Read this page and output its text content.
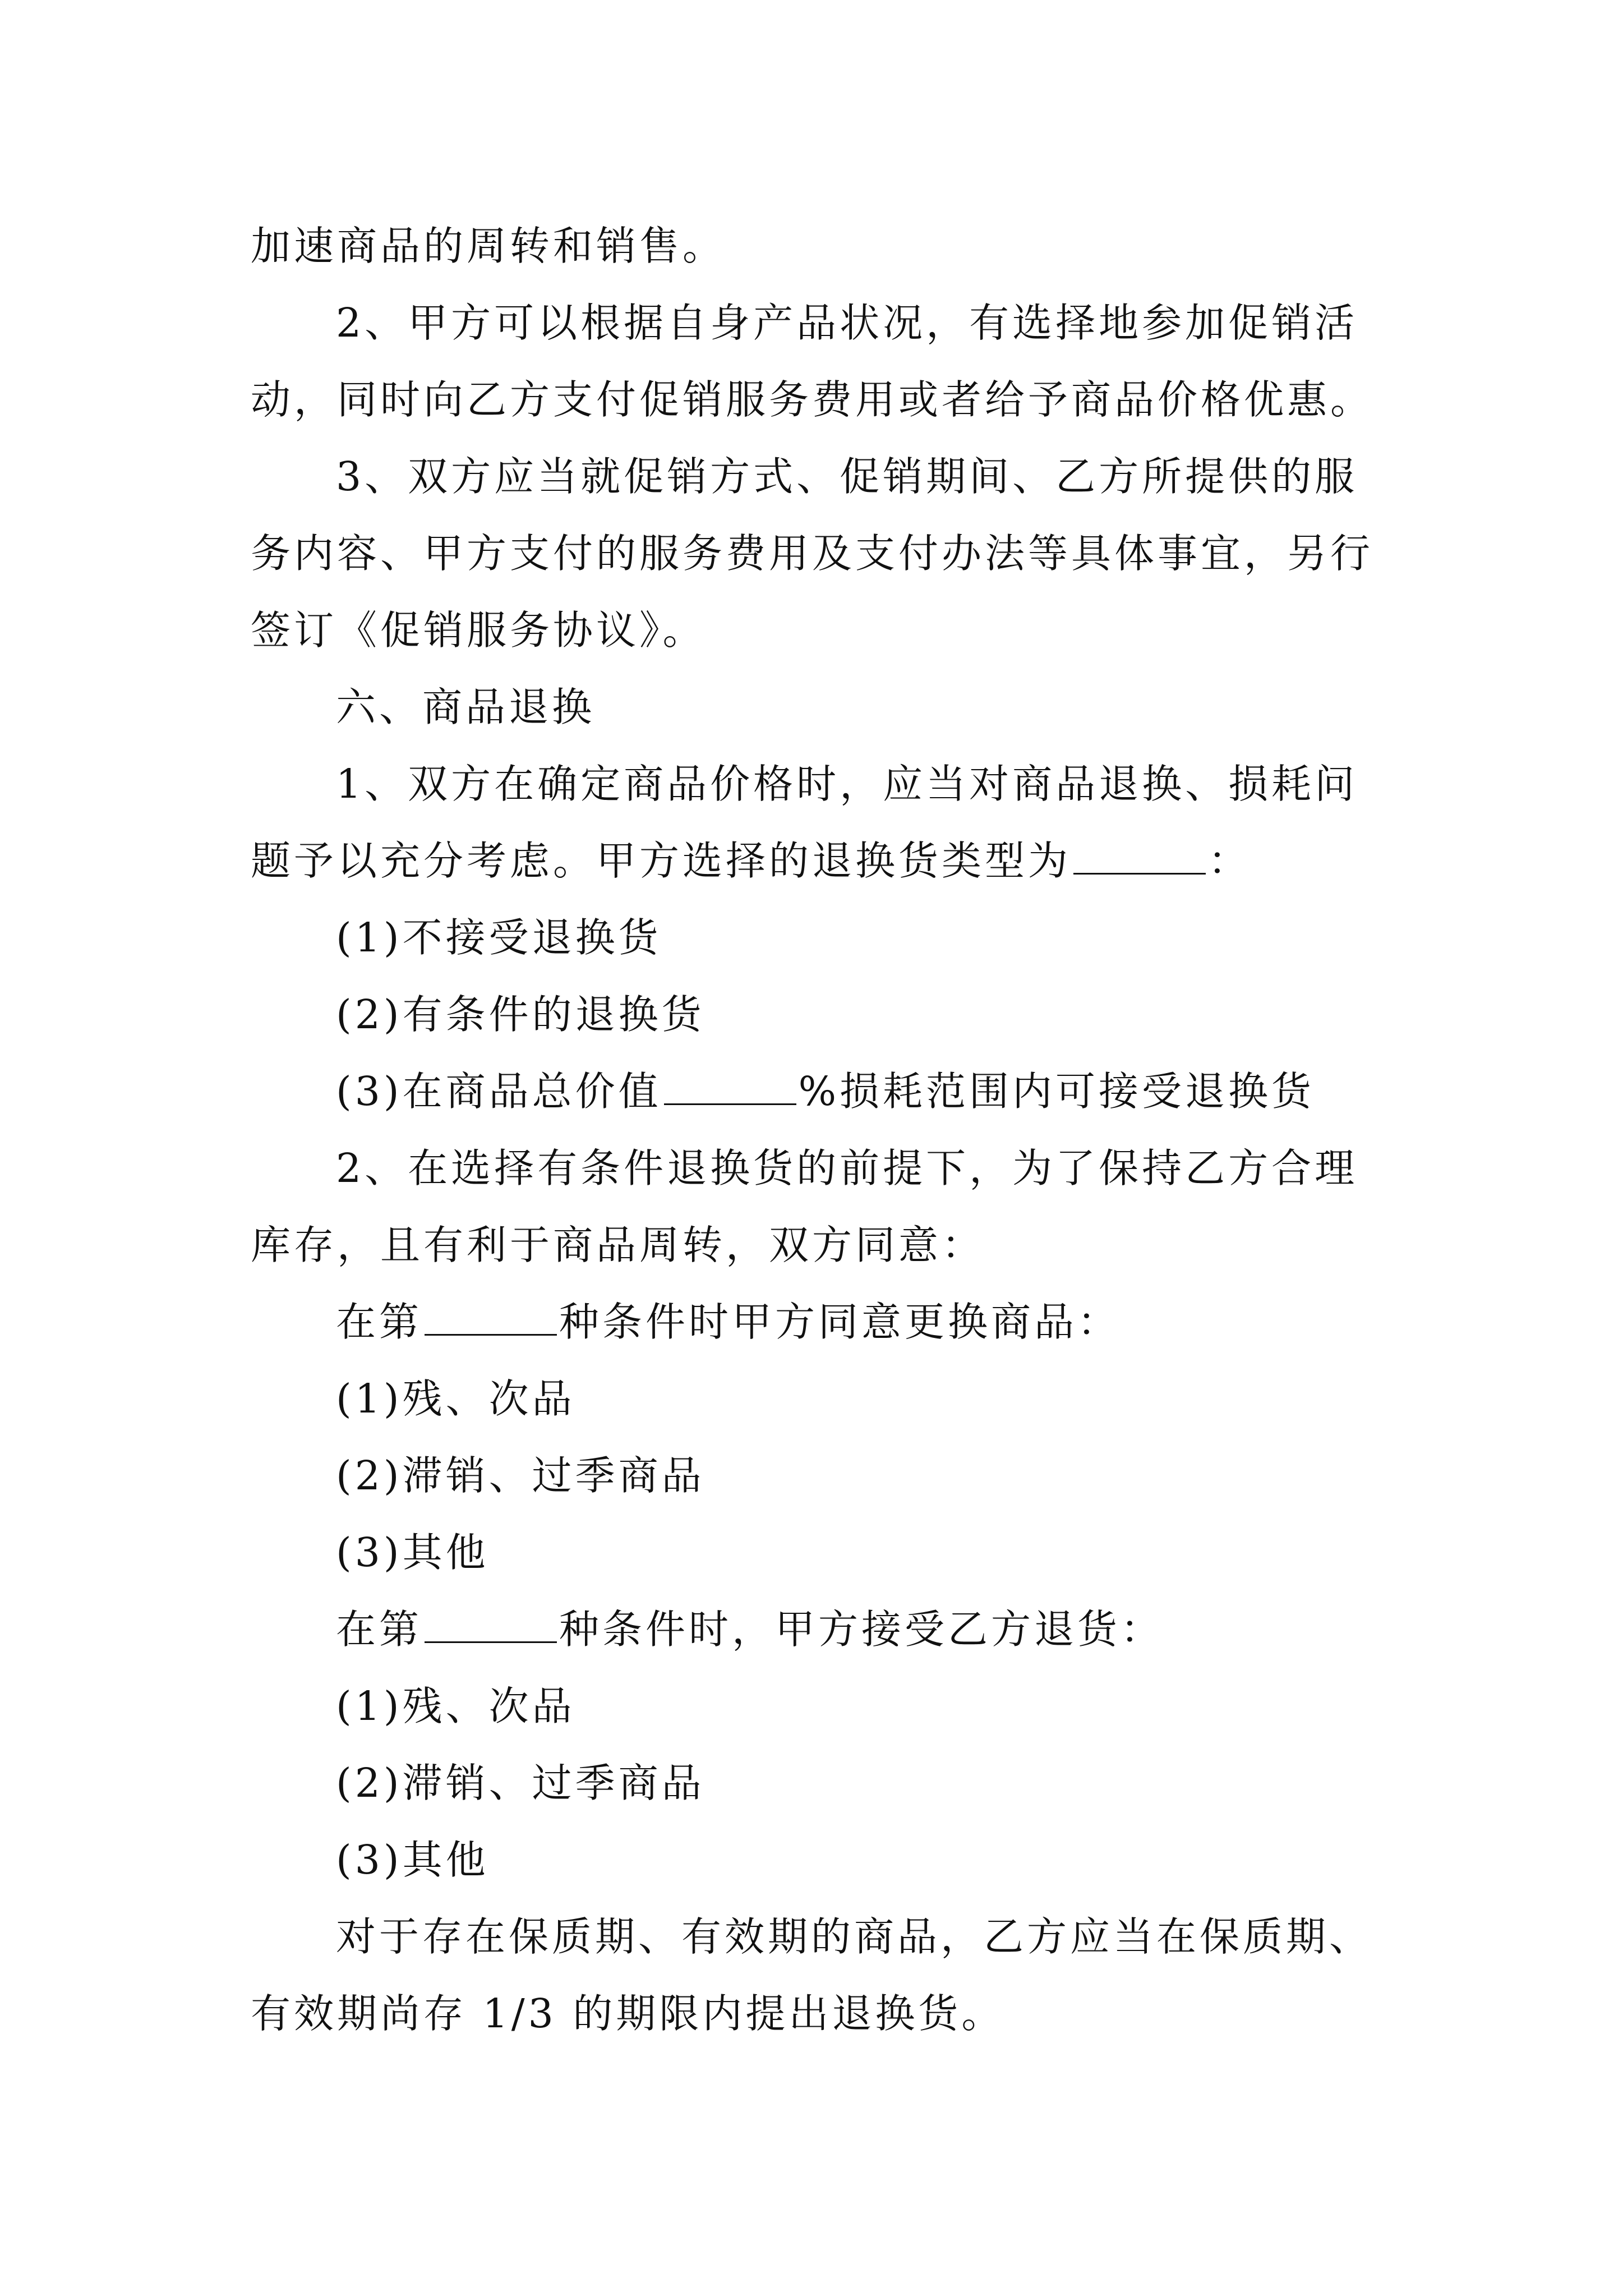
加速商品的周转和销售。
2、甲方可以根据自身产品状况，有选择地参加促销活
动，同时向乙方支付促销服务费用或者给予商品价格优惠。
3、双方应当就促销方式、促销期间、乙方所提供的服
务内容、甲方支付的服务费用及支付办法等具体事宜，另行
签订《促销服务协议》。
六、商品退换
1、双方在确定商品价格时，应当对商品退换、损耗问
题予以充分考虑。甲方选择的退换货类型为	：
(1)不接受退换货
(2)有条件的退换货
(3)在商品总价值	%损耗范围内可接受退换货
2、在选择有条件退换货的前提下，为了保持乙方合理
库存，且有利于商品周转，双方同意：
在第	种条件时甲方同意更换商品：
(1)残、次品
(2)滞销、过季商品
(3)其他
在第	种条件时，甲方接受乙方退货：
(1)残、次品
(2)滞销、过季商品
(3)其他
对于存在保质期、有效期的商品，乙方应当在保质期、
有效期尚存 1/3 的期限内提出退换货。
